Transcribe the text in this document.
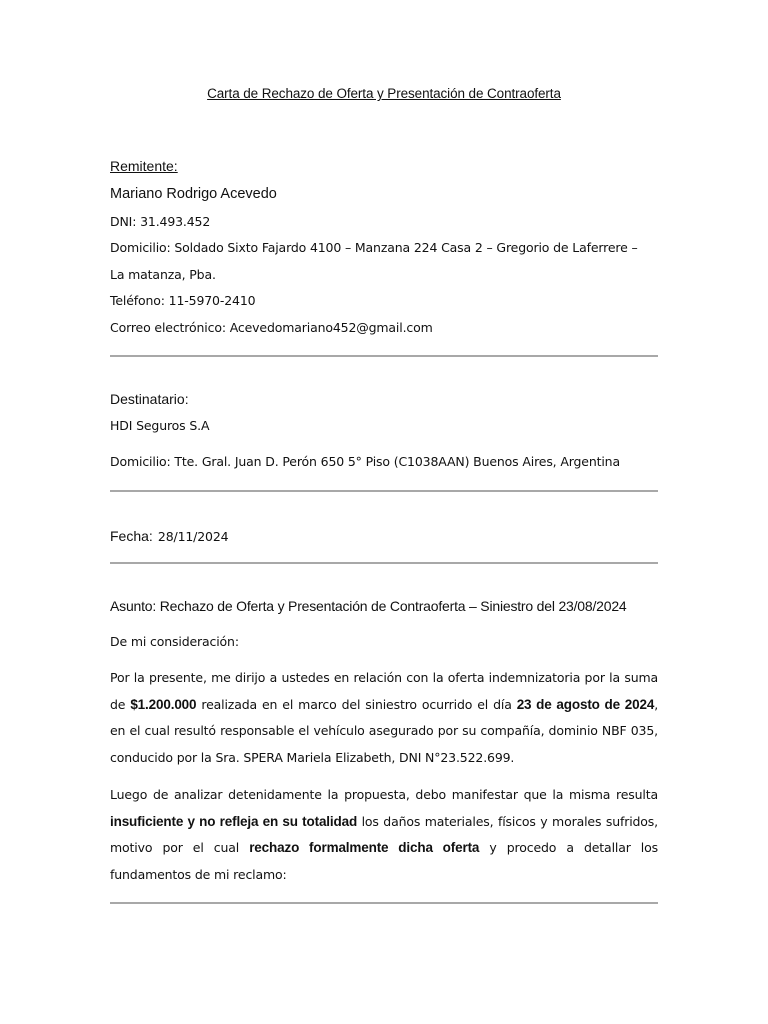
Carta de Rechazo de Oferta y Presentación de Contraoferta
Remitente:
Mariano Rodrigo Acevedo
DNI: 31.493.452
Domicilio: Soldado Sixto Fajardo 4100 – Manzana 224 Casa 2 – Gregorio de Laferrere –
La matanza, Pba.
Teléfono: 11-5970-2410
Correo electrónico: Acevedomariano452@gmail.com
Destinatario:
HDI Seguros S.A
Domicilio: Tte. Gral. Juan D. Perón 650 5° Piso (C1038AAN) Buenos Aires, Argentina
Fecha: 28/11/2024
Asunto: Rechazo de Oferta y Presentación de Contraoferta – Siniestro del 23/08/2024
De mi consideración:
Por la presente, me dirijo a ustedes en relación con la oferta indemnizatoria por la suma de $1.200.000 realizada en el marco del siniestro ocurrido el día 23 de agosto de 2024, en el cual resultó responsable el vehículo asegurado por su compañía, dominio NBF 035, conducido por la Sra. SPERA Mariela Elizabeth, DNI N°23.522.699.
Luego de analizar detenidamente la propuesta, debo manifestar que la misma resulta insuficiente y no refleja en su totalidad los daños materiales, físicos y morales sufridos, motivo por el cual rechazo formalmente dicha oferta y procedo a detallar los fundamentos de mi reclamo:
